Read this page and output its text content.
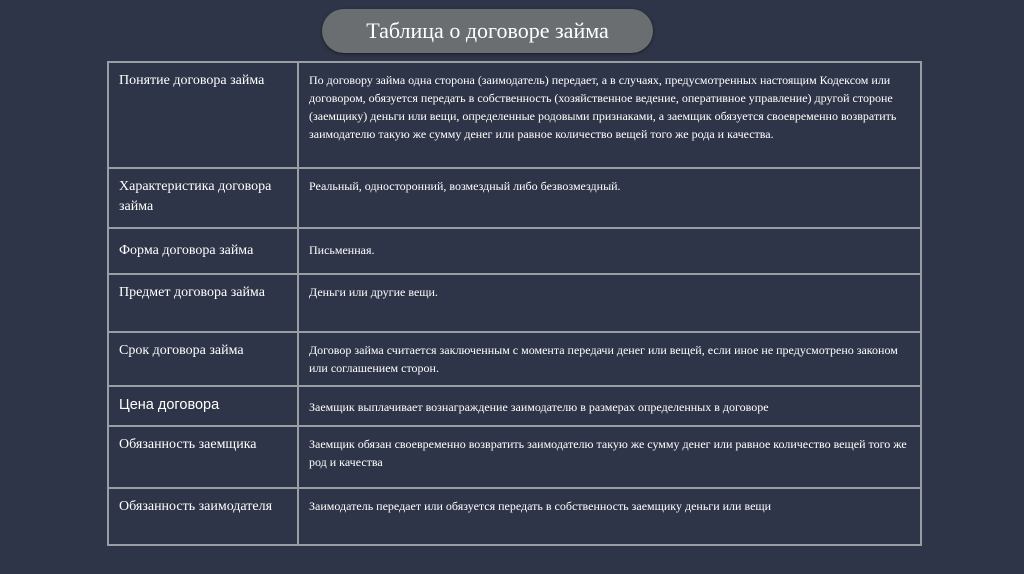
Таблица о договоре займа
Понятие договора займа	По договору займа одна сторона (заимодатель) передает, а в случаях, предусмотренных настоящим Кодексом или договором, обязуется передать в собственность (хозяйственное ведение, оперативное управление) другой стороне (заемщику) деньги или вещи, определенные родовыми признаками, а заемщик обязуется своевременно возвратить заимодателю такую же сумму денег или равное количество вещей того же рода и качества.
Характеристика договора займа	Реальный, односторонний, возмездный либо безвозмездный.
Форма договора займа	Письменная.
Предмет договора займа	Деньги или другие вещи.
Срок договора займа	Договор займа считается заключенным с момента передачи денег или вещей, если иное не предусмотрено законом или соглашением сторон.
Цена договора	Заемщик выплачивает вознаграждение заимодателю в размерах определенных в договоре
Обязанность заемщика	Заемщик обязан своевременно возвратить заимодателю такую же сумму денег или равное количество вещей того же род и качества
Обязанность заимодателя	Заимодатель передает или обязуется передать в собственность заемщику деньги или вещи
